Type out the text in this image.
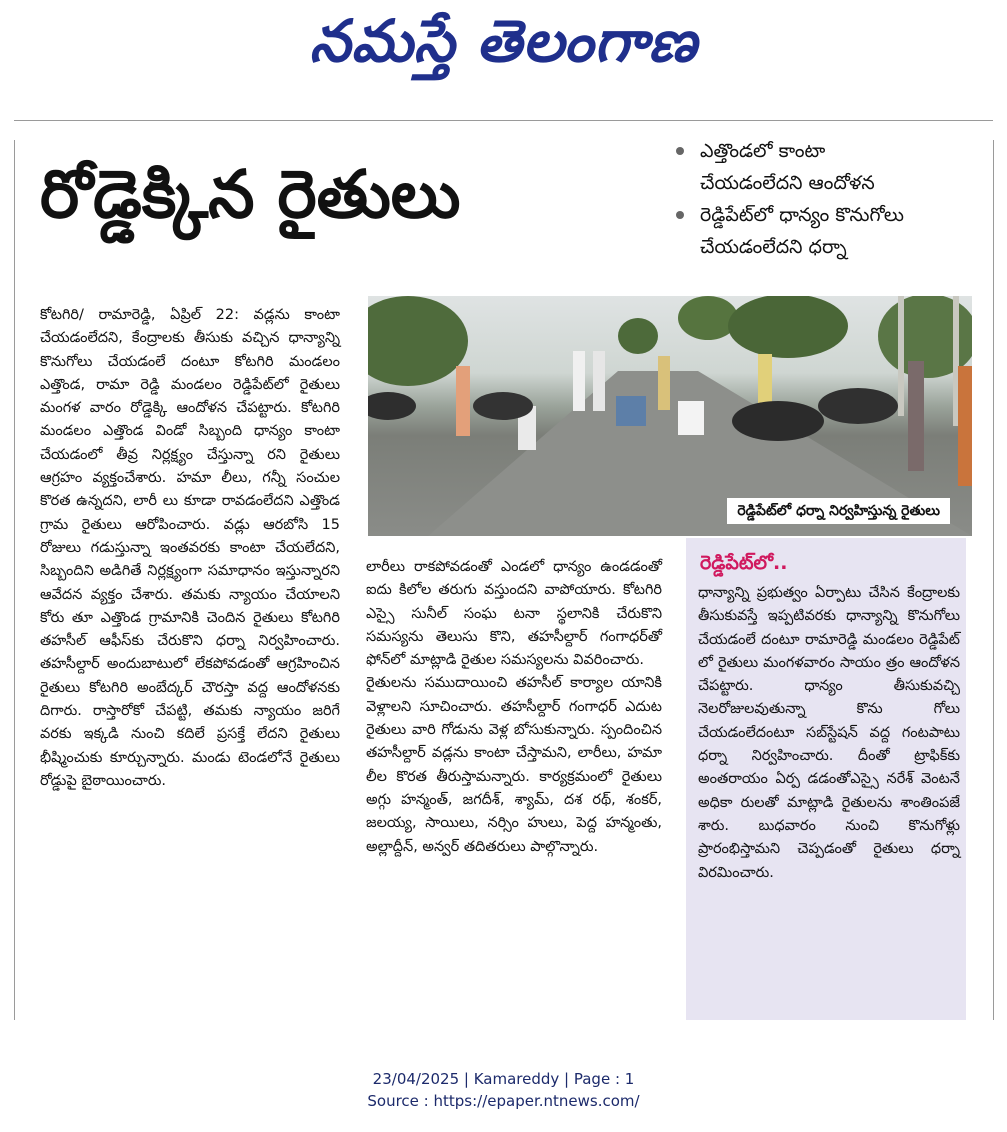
నమస్తే తెలంగాణ
రోడ్డెక్కిన రైతులు
ఎత్తొండలో కాంటా
చేయడంలేదని ఆందోళన
రెడ్డిపేట్‌లో ధాన్యం కొనుగోలు
చేయడంలేదని ధర్నా
రెడ్డిపేట్‌లో ధర్నా నిర్వహిస్తున్న రైతులు

కోటగిరి/ రామారెడ్డి, ఏప్రిల్ 22: వడ్లను కాంటా చేయడంలేదని, కేంద్రాలకు తీసుకు వచ్చిన ధాన్యాన్ని కొనుగోలు చేయడంలే దంటూ కోటగిరి మండలం ఎత్తొండ, రామా రెడ్డి మండలం రెడ్డిపేట్‌లో రైతులు మంగళ వారం రోడ్డెక్కి ఆందోళన చేపట్టారు. కోటగిరి మండలం ఎత్తొండ విండో సిబ్బంది ధాన్యం కాంటా చేయడంలో తీవ్ర నిర్లక్ష్యం చేస్తున్నా రని రైతులు ఆగ్రహం వ్యక్తంచేశారు. హమా లీలు, గన్నీ సంచుల కొరత ఉన్నదని, లారీ లు కూడా రావడంలేదని ఎత్తొండ గ్రామ రైతులు ఆరోపించారు. వడ్లు ఆరబోసి 15 రోజులు గడుస్తున్నా ఇంతవరకు కాంటా చేయలేదని, సిబ్బందిని అడిగితే నిర్లక్ష్యంగా సమాధానం ఇస్తున్నారని ఆవేదన వ్యక్తం చేశారు. తమకు న్యాయం చేయాలని కోరు తూ ఎత్తొండ గ్రామానికి చెందిన రైతులు కోటగిరి తహసీల్ ఆఫీస్‌కు చేరుకొని ధర్నా నిర్వహించారు. తహసీల్దార్ అందుబాటులో లేకపోవడంతో ఆగ్రహించిన రైతులు కోటగిరి అంబేద్కర్ చౌరస్తా వద్ద ఆందోళనకు దిగారు. రాస్తారోకో చేపట్టి, తమకు న్యాయం జరిగే వరకు ఇక్కడి నుంచి కదిలే ప్రసక్తే లేదని రైతులు భీష్మించుకు కూర్చున్నారు. మండు టెండలోనే రైతులు రోడ్డుపై బైఠాయించారు.

లారీలు రాకపోవడంతో ఎండలో ధాన్యం ఉండడంతో ఐదు కిలోల తరుగు వస్తుందని వాపోయారు. కోటగిరి ఎస్సై సునీల్ సంఘ టనా స్థలానికి చేరుకొని సమస్యను తెలుసు కొని, తహసీల్దార్ గంగాధర్‌తో ఫోన్‌లో మాట్లాడి రైతుల సమస్యలను వివరించారు.

రైతులను సముదాయించి తహసీల్ కార్యాల యానికి వెళ్లాలని సూచించారు. తహసీల్దార్ గంగాధర్ ఎదుట రైతులు వారి గోడును వెళ్ల బోసుకున్నారు. స్పందించిన తహసీల్దార్ వడ్లను కాంటా చేస్తామని, లారీలు, హమా లీల కొరత తీరుస్తామన్నారు. కార్యక్రమంలో రైతులు అగ్గు హన్మంత్, జగదీశ్, శ్యామ్, దశ రథ్, శంకర్, జలయ్య, సాయిలు, నర్సిం హులు, పెద్ద హన్మంతు, అల్లాద్దీన్, అన్వర్ తదితరులు పాల్గొన్నారు.

రెడ్డిపేట్‌లో..
ధాన్యాన్ని ప్రభుత్వం ఏర్పాటు చేసిన కేంద్రాలకు తీసుకువస్తే ఇప్పటివరకు ధాన్యాన్ని కొనుగోలు చేయడంలే దంటూ రామారెడ్డి మండలం రెడ్డిపేట్ లో రైతులు మంగళవారం సాయం త్రం ఆందోళన చేపట్టారు. ధాన్యం తీసుకువచ్చి నెలరోజులవుతున్నా కొను గోలు చేయడంలేదంటూ సబ్‌స్టేషన్ వద్ద గంటపాటు ధర్నా నిర్వహించారు. దీంతో ట్రాఫిక్‌కు అంతరాయం ఏర్ప డడంతోఎస్సై నరేశ్ వెంటనే అధికా రులతో మాట్లాడి రైతులను శాంతింపజే శారు. బుధవారం నుంచి కొనుగోళ్లు ప్రారంభిస్తామని చెప్పడంతో రైతులు ధర్నా విరమించారు.
23/04/2025 | Kamareddy | Page : 1
Source : https://epaper.ntnews.com/
